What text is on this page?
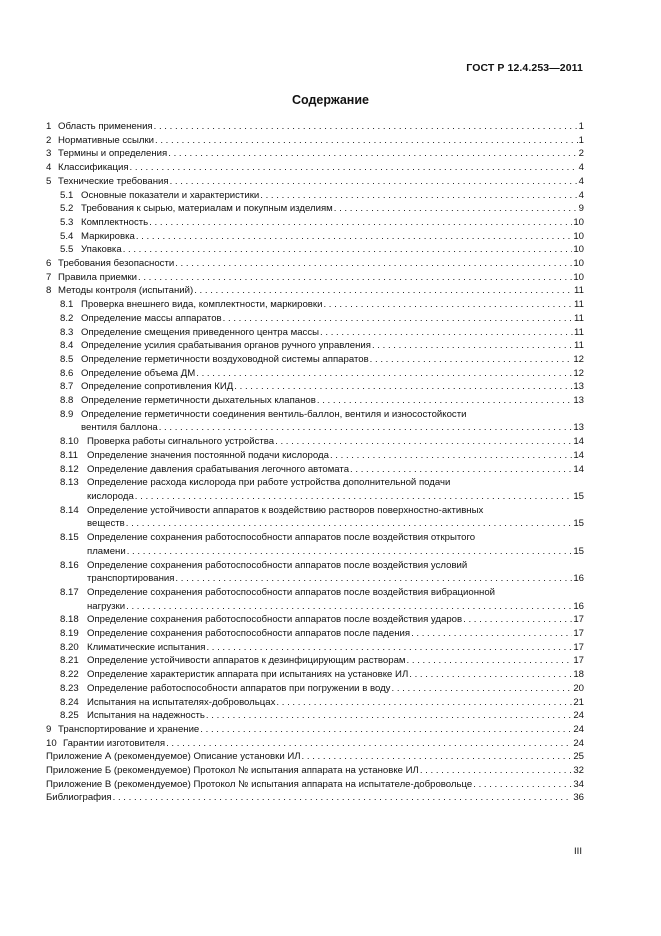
ГОСТ Р 12.4.253—2011
Содержание
1 Область применения . . .	1
2 Нормативные ссылки . . .	1
3 Термины и определения . . .	2
4 Классификация . . .	4
5 Технические требования . . .	4
5.1 Основные показатели и характеристики . . .	4
5.2 Требования к сырью, материалам и покупным изделиям . . .	9
5.3 Комплектность . . .	10
5.4 Маркировка . . .	10
5.5 Упаковка . . .	10
6 Требования безопасности . . .	10
7 Правила приемки . . .	10
8 Методы контроля (испытаний) . . .	11
8.1 Проверка внешнего вида, комплектности, маркировки . . .	11
8.2 Определение массы аппаратов . . .	11
8.3 Определение смещения приведенного центра массы . . .	11
8.4 Определение усилия срабатывания органов ручного управления . . .	11
8.5 Определение герметичности воздуховодной системы аппаратов . . .	12
8.6 Определение объема ДМ . . .	12
8.7 Определение сопротивления КИД . . .	13
8.8 Определение герметичности дыхательных клапанов . . .	13
8.9 Определение герметичности соединения вентиль-баллон, вентиля и износостойкости
вентиля баллона . . .	13
8.10 Проверка работы сигнального устройства . . .	14
8.11 Определение значения постоянной подачи кислорода . . .	14
8.12 Определение давления срабатывания легочного автомата . . .	14
8.13 Определение расхода кислорода при работе устройства дополнительной подачи
кислорода . . .	15
8.14 Определение устойчивости аппаратов к воздействию растворов поверхностно-активных
веществ . . .	15
8.15 Определение сохранения работоспособности аппаратов после воздействия открытого
пламени . . .	15
8.16 Определение сохранения работоспособности аппаратов после воздействия условий
транспортирования . . .	16
8.17 Определение сохранения работоспособности аппаратов после воздействия вибрационной
нагрузки . . .	16
8.18 Определение сохранения работоспособности аппаратов после воздействия ударов . . .	17
8.19 Определение сохранения работоспособности аппаратов после падения . . .	17
8.20 Климатические испытания . . .	17
8.21 Определение устойчивости аппаратов к дезинфицирующим растворам . . .	17
8.22 Определение характеристик аппарата при испытаниях на установке ИЛ . . .	18
8.23 Определение работоспособности аппаратов при погружении в воду . . .	20
8.24 Испытания на испытателях-добровольцах . . .	21
8.25 Испытания на надежность . . .	24
9 Транспортирование и хранение . . .	24
10 Гарантии изготовителя . . .	24
Приложение А (рекомендуемое) Описание установки ИЛ . . .	25
Приложение Б (рекомендуемое) Протокол № испытания аппарата на установке ИЛ . . .	32
Приложение В (рекомендуемое) Протокол № испытания аппарата на испытателе-добровольце . . .	34
Библиография . . .	36
III
